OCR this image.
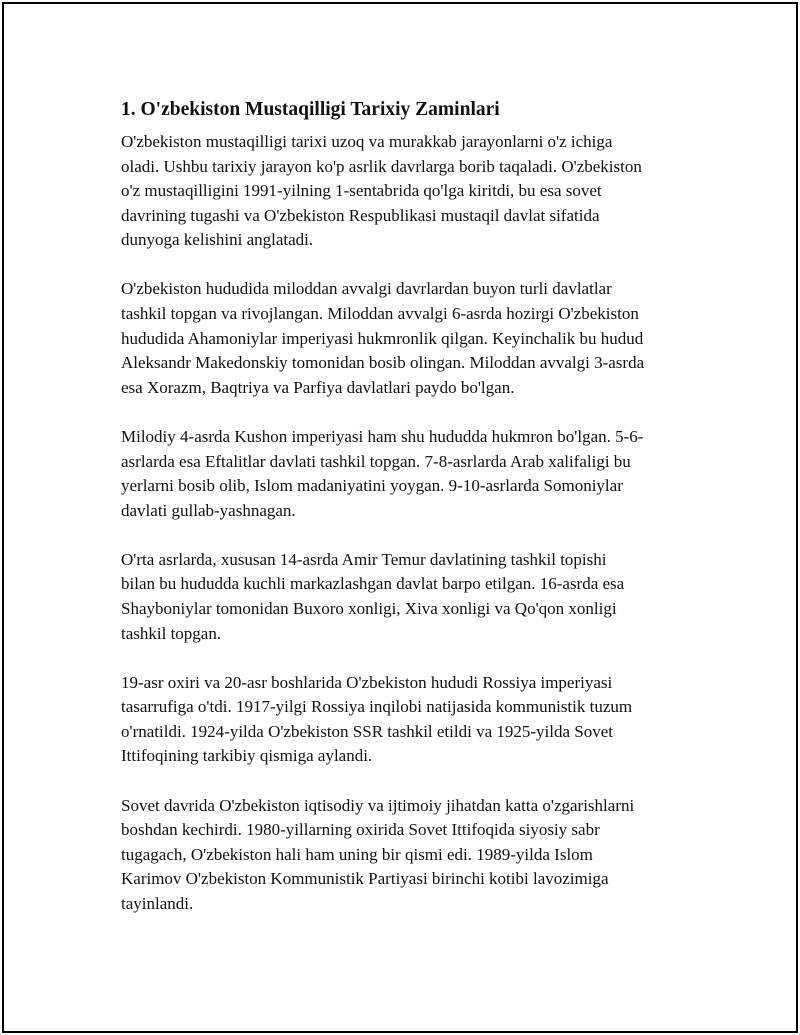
1. O'zbekiston Mustaqilligi Tarixiy Zaminlari

O'zbekiston mustaqilligi tarixi uzoq va murakkab jarayonlarni o'z ichiga
oladi. Ushbu tarixiy jarayon ko'p asrlik davrlarga borib taqaladi. O'zbekiston
o'z mustaqilligini 1991-yilning 1-sentabrida qo'lga kiritdi, bu esa sovet
davrining tugashi va O'zbekiston Respublikasi mustaqil davlat sifatida
dunyoga kelishini anglatadi.

O'zbekiston hududida miloddan avvalgi davrlardan buyon turli davlatlar
tashkil topgan va rivojlangan. Miloddan avvalgi 6-asrda hozirgi O'zbekiston
hududida Ahamoniylar imperiyasi hukmronlik qilgan. Keyinchalik bu hudud
Aleksandr Makedonskiy tomonidan bosib olingan. Miloddan avvalgi 3-asrda
esa Xorazm, Baqtriya va Parfiya davlatlari paydo bo'lgan.

Milodiy 4-asrda Kushon imperiyasi ham shu hududda hukmron bo'lgan. 5-6-
asrlarda esa Eftalitlar davlati tashkil topgan. 7-8-asrlarda Arab xalifaligi bu
yerlarni bosib olib, Islom madaniyatini yoygan. 9-10-asrlarda Somoniylar
davlati gullab-yashnagan.

O'rta asrlarda, xususan 14-asrda Amir Temur davlatining tashkil topishi
bilan bu hududda kuchli markazlashgan davlat barpo etilgan. 16-asrda esa
Shayboniylar tomonidan Buxoro xonligi, Xiva xonligi va Qo'qon xonligi
tashkil topgan.

19-asr oxiri va 20-asr boshlarida O'zbekiston hududi Rossiya imperiyasi
tasarrufiga o'tdi. 1917-yilgi Rossiya inqilobi natijasida kommunistik tuzum
o'rnatildi. 1924-yilda O'zbekiston SSR tashkil etildi va 1925-yilda Sovet
Ittifoqining tarkibiy qismiga aylandi.

Sovet davrida O'zbekiston iqtisodiy va ijtimoiy jihatdan katta o'zgarishlarni
boshdan kechirdi. 1980-yillarning oxirida Sovet Ittifoqida siyosiy sabr
tugagach, O'zbekiston hali ham uning bir qismi edi. 1989-yilda Islom
Karimov O'zbekiston Kommunistik Partiyasi birinchi kotibi lavozimiga
tayinlandi.
